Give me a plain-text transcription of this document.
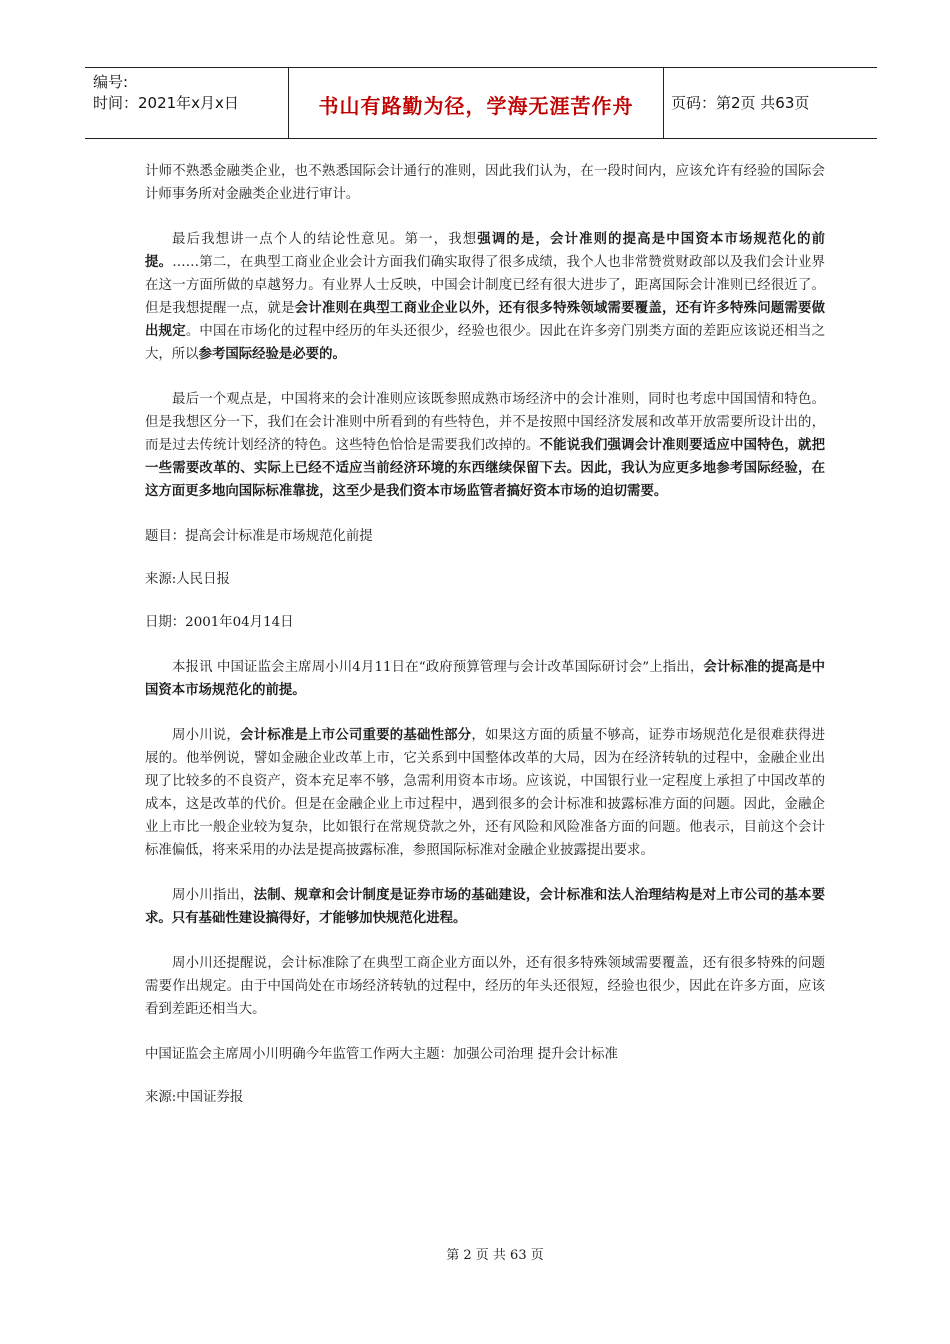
编号:
时间：2021年x月x日	书山有路勤为径，学海无涯苦作舟	页码：第2页 共63页

计师不熟悉金融类企业，也不熟悉国际会计通行的准则，因此我们认为，在一段时间内，应该允许有经验的国际会计师事务所对金融类企业进行审计。

最后我想讲一点个人的结论性意见。第一，我想强调的是，会计准则的提高是中国资本市场规范化的前提。……第二，在典型工商业企业会计方面我们确实取得了很多成绩，我个人也非常赞赏财政部以及我们会计业界在这一方面所做的卓越努力。有业界人士反映，中国会计制度已经有很大进步了，距离国际会计准则已经很近了。但是我想提醒一点，就是会计准则在典型工商业企业以外，还有很多特殊领域需要覆盖，还有许多特殊问题需要做出规定。中国在市场化的过程中经历的年头还很少，经验也很少。因此在许多旁门别类方面的差距应该说还相当之大，所以参考国际经验是必要的。

最后一个观点是，中国将来的会计准则应该既参照成熟市场经济中的会计准则，同时也考虑中国国情和特色。但是我想区分一下，我们在会计准则中所看到的有些特色，并不是按照中国经济发展和改革开放需要所设计出的，而是过去传统计划经济的特色。这些特色恰恰是需要我们改掉的。不能说我们强调会计准则要适应中国特色，就把一些需要改革的、实际上已经不适应当前经济环境的东西继续保留下去。因此，我认为应更多地参考国际经验，在这方面更多地向国际标准靠拢，这至少是我们资本市场监管者搞好资本市场的迫切需要。

题目：提高会计标准是市场规范化前提

来源:人民日报

日期：2001年04月14日

本报讯 中国证监会主席周小川4月11日在“政府预算管理与会计改革国际研讨会”上指出，会计标准的提高是中国资本市场规范化的前提。

周小川说，会计标准是上市公司重要的基础性部分，如果这方面的质量不够高，证券市场规范化是很难获得进展的。他举例说，譬如金融企业改革上市，它关系到中国整体改革的大局，因为在经济转轨的过程中，金融企业出现了比较多的不良资产，资本充足率不够，急需利用资本市场。应该说，中国银行业一定程度上承担了中国改革的成本，这是改革的代价。但是在金融企业上市过程中，遇到很多的会计标准和披露标准方面的问题。因此，金融企业上市比一般企业较为复杂，比如银行在常规贷款之外，还有风险和风险准备方面的问题。他表示，目前这个会计标准偏低，将来采用的办法是提高披露标准，参照国际标准对金融企业披露提出要求。

周小川指出，法制、规章和会计制度是证券市场的基础建设，会计标准和法人治理结构是对上市公司的基本要求。只有基础性建设搞得好，才能够加快规范化进程。

周小川还提醒说，会计标准除了在典型工商企业方面以外，还有很多特殊领域需要覆盖，还有很多特殊的问题需要作出规定。由于中国尚处在市场经济转轨的过程中，经历的年头还很短，经验也很少，因此在许多方面，应该看到差距还相当大。

中国证监会主席周小川明确今年监管工作两大主题：加强公司治理 提升会计标准

来源:中国证券报

第 2 页 共 63 页
